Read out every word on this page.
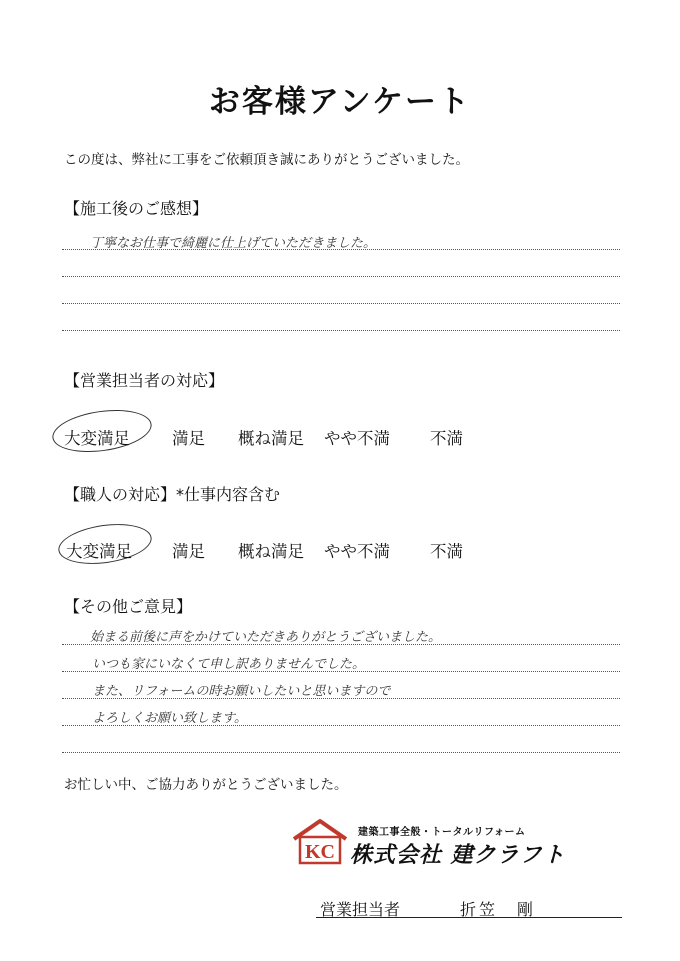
お客様アンケート
この度は、弊社に工事をご依頼頂き誠にありがとうございました。
【施工後のご感想】
丁寧なお仕事で綺麗に仕上げていただきました。
【営業担当者の対応】
大変満足	満足 概ね満足 やや不満 不満
【職人の対応】*仕事内容含む
大変満足 満足 概ね満足 やや不満 不満
【その他ご意見】
始まる前後に声をかけていただきありがとうございました。
いつも家にいなくて申し訳ありませんでした。
また、リフォームの時お願いしたいと思いますので
よろしくお願い致します。
お忙しい中、ご協力ありがとうございました。
KC
建築工事全般・トータルリフォーム
株式会社 建クラフト
営業担当者	折笠　剛
